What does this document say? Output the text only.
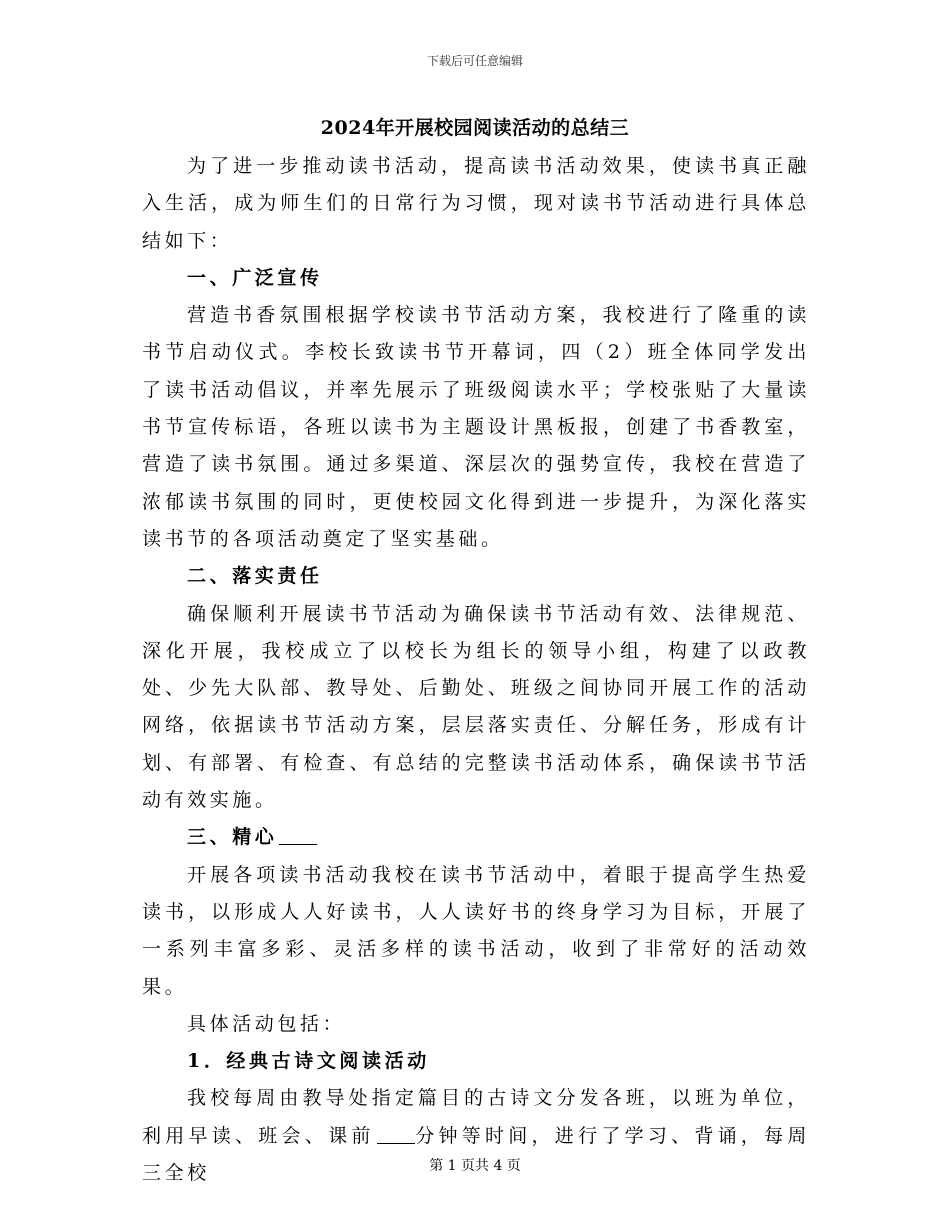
下载后可任意编辑
2024年开展校园阅读活动的总结三

为了进一步推动读书活动，提高读书活动效果，使读书真正融入生活，成为师生们的日常行为习惯，现对读书节活动进行具体总结如下：

一、广泛宣传

营造书香氛围根据学校读书节活动方案，我校进行了隆重的读书节启动仪式。李校长致读书节开幕词，四（2）班全体同学发出了读书活动倡议，并率先展示了班级阅读水平；学校张贴了大量读书节宣传标语，各班以读书为主题设计黑板报，创建了书香教室，营造了读书氛围。通过多渠道、深层次的强势宣传，我校在营造了浓郁读书氛围的同时，更使校园文化得到进一步提升，为深化落实读书节的各项活动奠定了坚实基础。

二、落实责任

确保顺利开展读书节活动为确保读书节活动有效、法律规范、深化开展，我校成立了以校长为组长的领导小组，构建了以政教处、少先大队部、教导处、后勤处、班级之间协同开展工作的活动网络，依据读书节活动方案，层层落实责任、分解任务，形成有计划、有部署、有检查、有总结的完整读书活动体系，确保读书节活动有效实施。

三、精心

开展各项读书活动我校在读书节活动中，着眼于提高学生热爱读书，以形成人人好读书，人人读好书的终身学习为目标，开展了一系列丰富多彩、灵活多样的读书活动，收到了非常好的活动效果。

具体活动包括：

1．经典古诗文阅读活动

我校每周由教导处指定篇目的古诗文分发各班，以班为单位，利用早读、班会、课前 分钟等时间，进行了学习、背诵，每周三全校	第 1 页共 4 页
